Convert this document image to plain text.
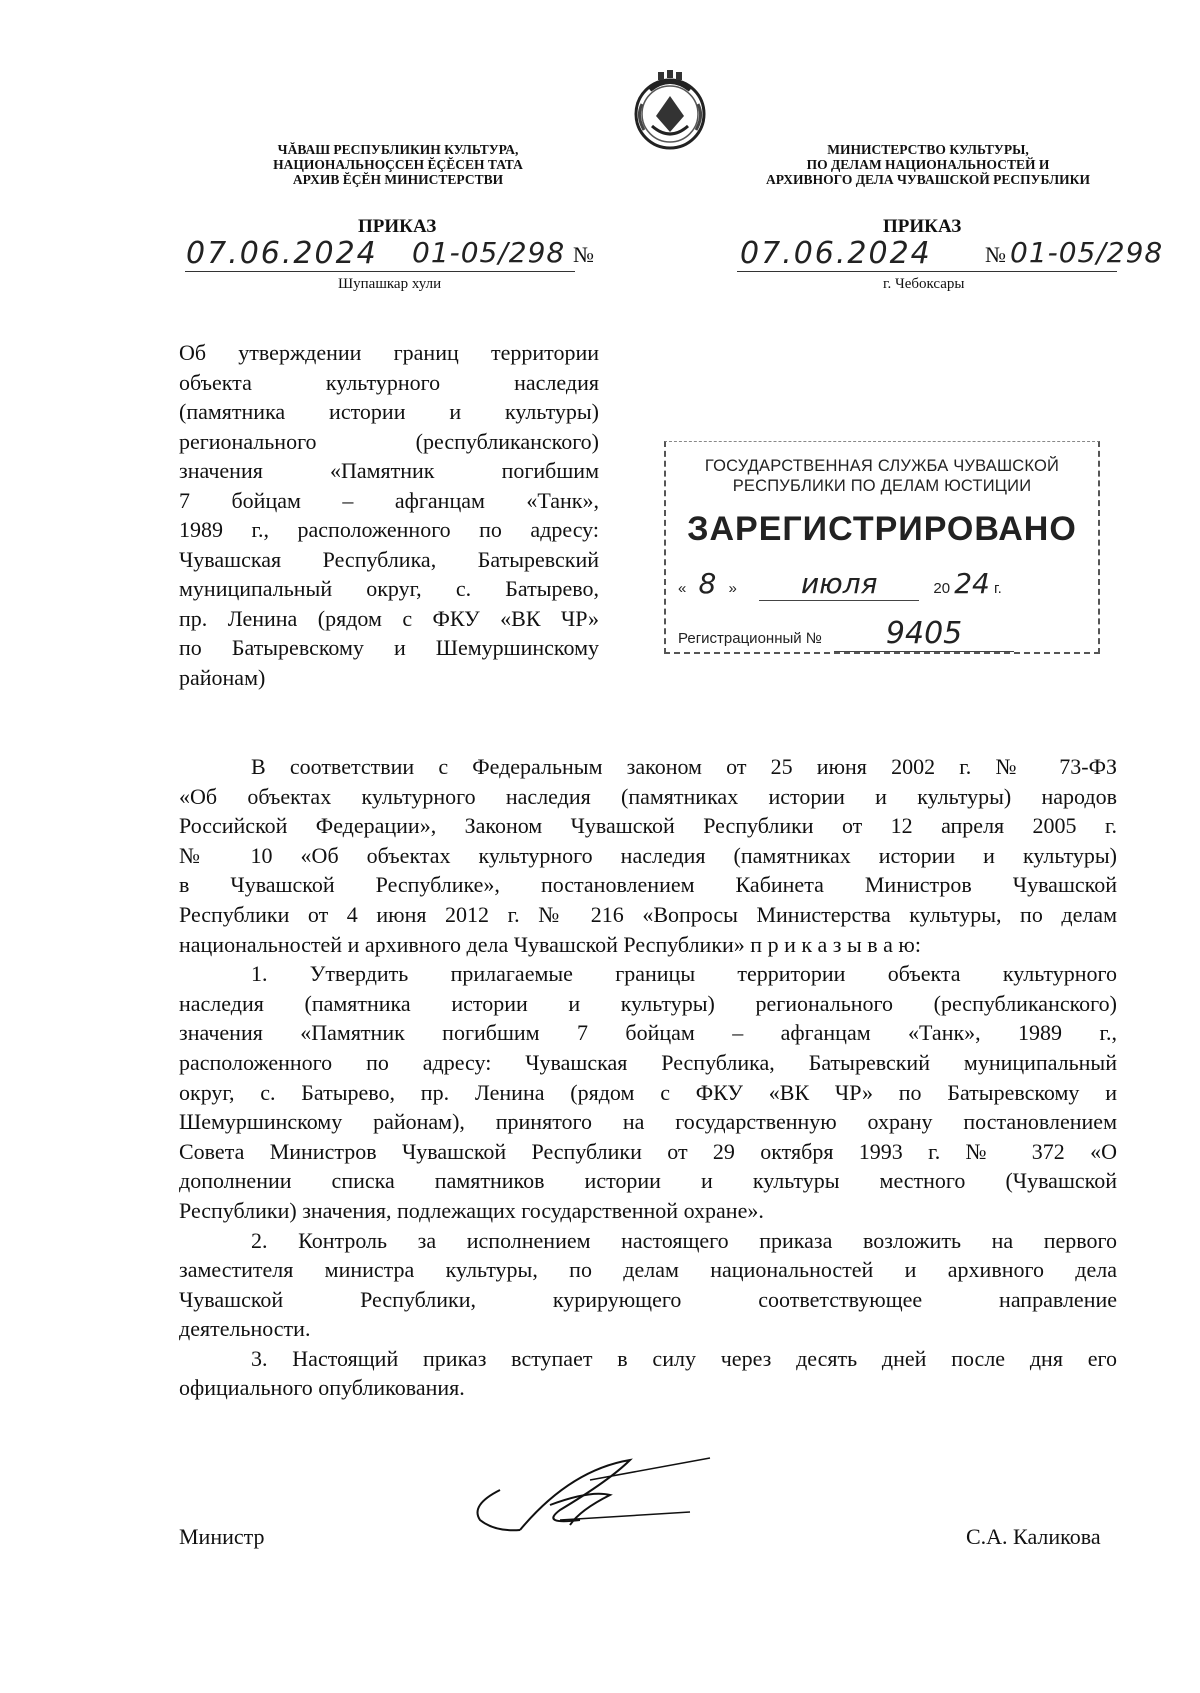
ЧĂВАШ РЕСПУБЛИКИН КУЛЬТУРА,
НАЦИОНАЛЬНОÇСЕН ĔÇĔСЕН ТАТА
АРХИВ ĔÇĔН МИНИСТЕРСТВИ
МИНИСТЕРСТВО КУЛЬТУРЫ,
ПО ДЕЛАМ НАЦИОНАЛЬНОСТЕЙ И
АРХИВНОГО ДЕЛА ЧУВАШСКОЙ РЕСПУБЛИКИ
ПРИКАЗ
07.06.2024 01-05/298 №
Шупашкар хули
ПРИКАЗ
07.06.2024 № 01-05/298
г. Чебоксары
Об утверждении границ территории
объекта культурного наследия
(памятника истории и культуры)
регионального (республиканского)
значения «Памятник погибшим
7 бойцам – афганцам «Танк»,
1989 г., расположенного по адресу:
Чувашская Республика, Батыревский
муниципальный округ, с. Батырево,
пр. Ленина (рядом с ФКУ «ВК ЧР»
по Батыревскому и Шемуршинскому
районам)
ГОСУДАРСТВЕННАЯ СЛУЖБА ЧУВАШСКОЙ
РЕСПУБЛИКИ ПО ДЕЛАМ ЮСТИЦИИ
ЗАРЕГИСТРИРОВАНО
« 8 » июля	20 24 г.
Регистрационный № 9405
В соответствии с Федеральным законом от 25 июня 2002 г. № 73-ФЗ
«Об объектах культурного наследия (памятниках истории и культуры) народов
Российской Федерации», Законом Чувашской Республики от 12 апреля 2005 г.
№ 10 «Об объектах культурного наследия (памятниках истории и культуры)
в Чувашской Республике», постановлением Кабинета Министров Чувашской
Республики от 4 июня 2012 г. № 216 «Вопросы Министерства культуры, по делам
национальностей и архивного дела Чувашской Республики» п р и к а з ы в а ю:
1. Утвердить прилагаемые границы территории объекта культурного
наследия (памятника истории и культуры) регионального (республиканского)
значения «Памятник погибшим 7 бойцам – афганцам «Танк», 1989 г.,
расположенного по адресу: Чувашская Республика, Батыревский муниципальный
округ, с. Батырево, пр. Ленина (рядом с ФКУ «ВК ЧР» по Батыревскому и
Шемуршинскому районам), принятого на государственную охрану постановлением
Совета Министров Чувашской Республики от 29 октября 1993 г. № 372 «О
дополнении списка памятников истории и культуры местного (Чувашской
Республики) значения, подлежащих государственной охране».
2. Контроль за исполнением настоящего приказа возложить на первого
заместителя министра культуры, по делам национальностей и архивного дела
Чувашской Республики, курирующего соответствующее направление
деятельности.
3. Настоящий приказ вступает в силу через десять дней после дня его
официального опубликования.
Министр	С.А. Каликова
